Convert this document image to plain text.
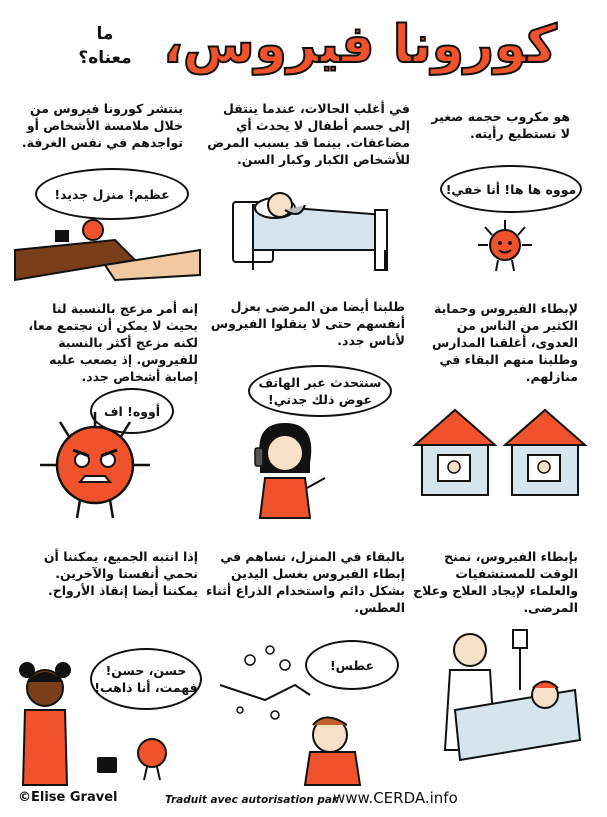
كورونا فيروس،
ما معناه؟
هو مكروب حجمه صغير لا نستطيع رأيته.
في أغلب الحالات، عندما ينتقل إلى جسم أطفال لا يحدث أي مضاعفات. بينما قد يسبب المرض للأشخاص الكبار وكبار السن.
ينتشر كورونا فيروس من خلال ملامسة الأشخاص أو تواجدهم في نفس الغرفة.
مووه ها ها! أنا خفي!
عظيم! منزل جديد!
لإبطاء الفيروس وحماية الكثير من الناس من العدوى، أغلقنا المدارس وطلبنا منهم البقاء في منازلهم.
طلبنا أيضا من المرضى بعزل أنفسهم حتى لا ينقلوا الفيروس لأناس جدد.
إنه أمر مزعج بالنسبة لنا بحيث لا يمكن أن نجتمع معا، لكنه مزعج أكثر بالنسبة للفيروس. إذ يصعب عليه إصابة أشخاص جدد.	سنتحدث عبر الهاتف عوض ذلك جدتي!
أووه! اف
بإبطاء الفيروس، نمنح الوقت للمستشفيات والعلماء لإيجاد العلاج وعلاج المرضى.
بالبقاء في المنزل، نساهم في إبطاء الفيروس بغسل اليدين بشكل دائم واستخدام الذراع أثناء العطس.
إذا انتبه الجميع، يمكننا أن نحمي أنفسنا والآخرين. يمكننا أيضا إنقاذ الأرواح.
عطس!
حسن، حسن! فهمت، أنا ذاهب!
©Elise Gravel	Traduit avec autorisation par
www.CERDA.info
